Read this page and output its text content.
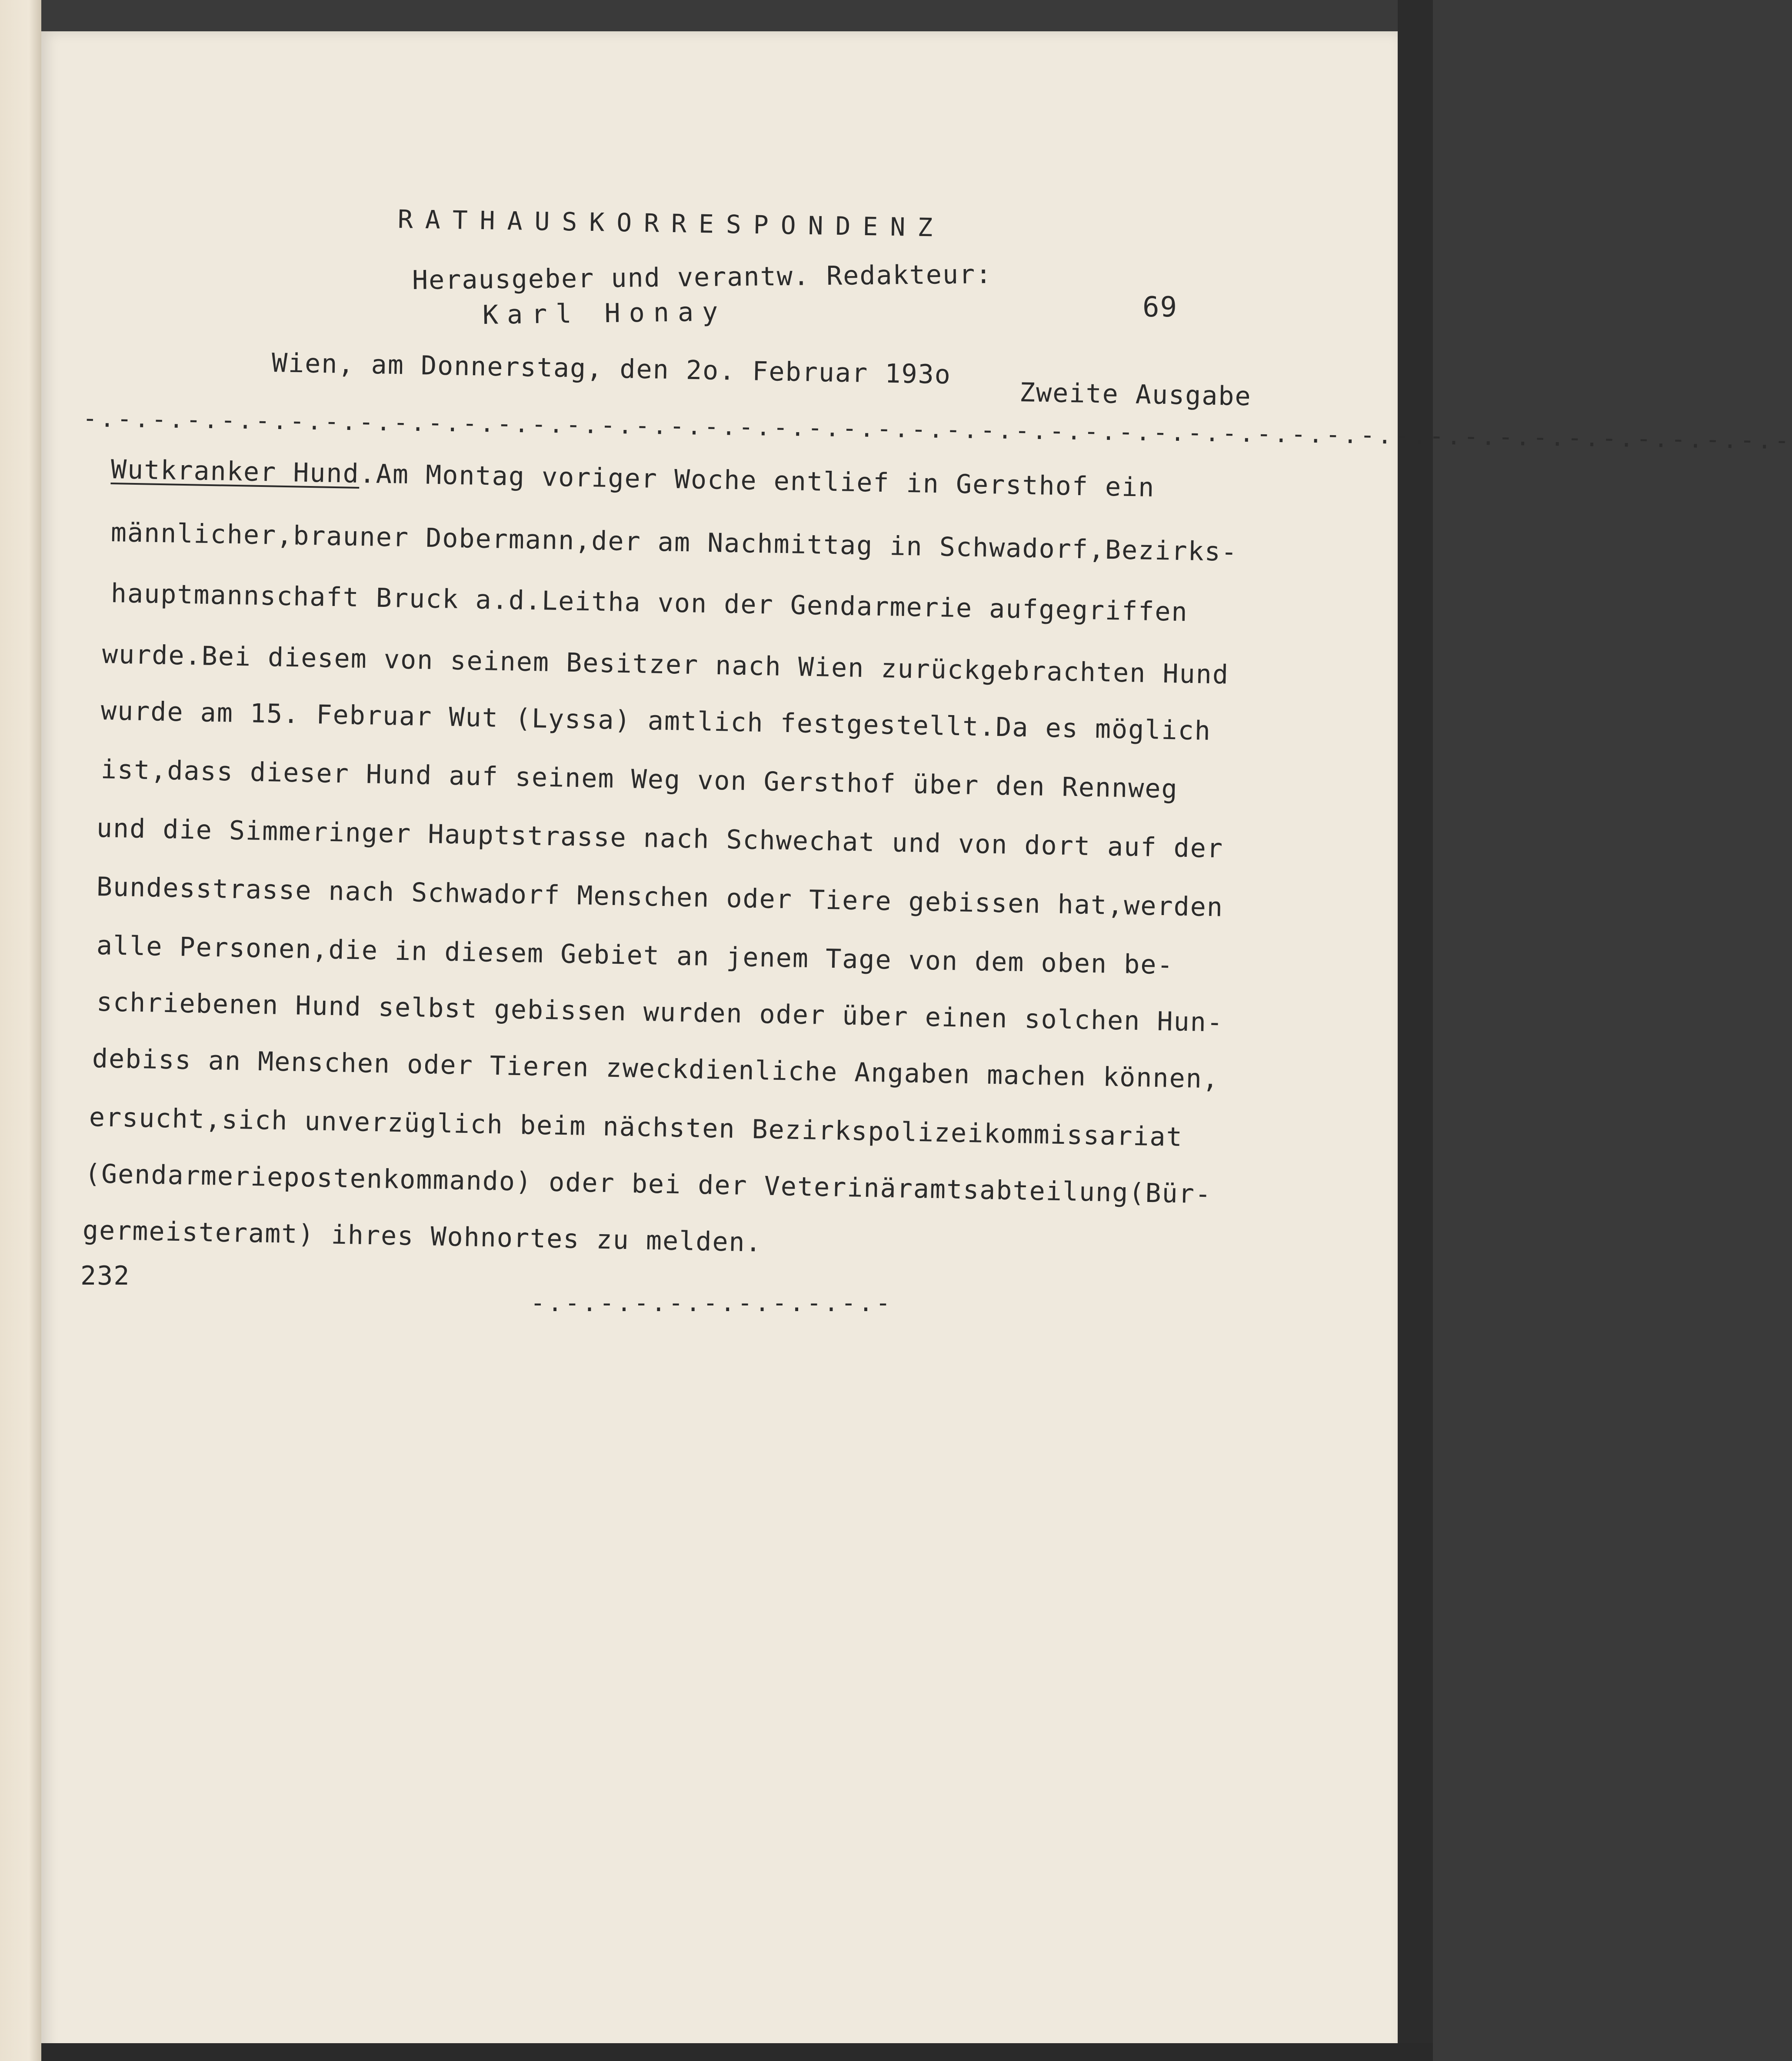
RATHAUSKORRESPONDENZ
Herausgeber und verantw. Redakteur:
Karl Honay	69
Wien, am Donnerstag, den 2o. Februar 193o
Zweite Ausgabe
-.-.-.-.-.-.-.-.-.-.-.-.-.-.-.-.-.-.-.-.-.-.-.-.-.-.-.-.-.-.-.-.-.-.-.-.-.-.-.-.-.-.-.-.-.-.-.-.-.-
Wutkranker Hund.Am Montag voriger Woche entlief in Gersthof ein
männlicher,brauner Dobermann,der am Nachmittag in Schwadorf,Bezirks-
hauptmannschaft Bruck a.d.Leitha von der Gendarmerie aufgegriffen
wurde.Bei diesem von seinem Besitzer nach Wien zurückgebrachten Hund
wurde am 15. Februar Wut (Lyssa) amtlich festgestellt.Da es möglich
ist,dass dieser Hund auf seinem Weg von Gersthof über den Rennweg
und die Simmeringer Hauptstrasse nach Schwechat und von dort auf der
Bundesstrasse nach Schwadorf Menschen oder Tiere gebissen hat,werden
alle Personen,die in diesem Gebiet an jenem Tage von dem oben be-
schriebenen Hund selbst gebissen wurden oder über einen solchen Hun-
debiss an Menschen oder Tieren zweckdienliche Angaben machen können,
ersucht,sich unverzüglich beim nächsten Bezirkspolizeikommissariat
(Gendarmeriepostenkommando) oder bei der Veterinäramtsabteilung(Bür-
germeisteramt) ihres Wohnortes zu melden.
232
-.-.-.-.-.-.-.-.-.-.-
